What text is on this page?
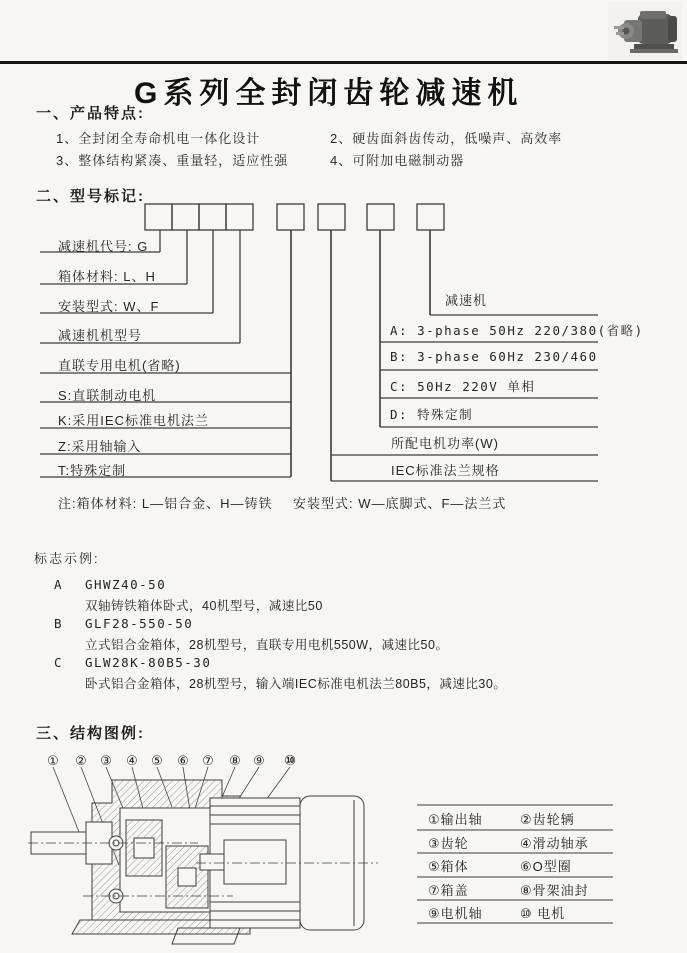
G系列全封闭齿轮减速机
一、产品特点:
1、全封闭全寿命机电一体化设计	2、硬齿面斜齿传动，低噪声、高效率
3、整体结构紧凑、重量轻，适应性强	4、可附加电磁制动器
二、型号标记:
减速机代号: G
箱体材料: L、H
安装型式: W、F
减速机机型号
直联专用电机(省略)
S:直联制动电机
K:采用IEC标准电机法兰
Z:采用轴输入
T:特殊定制
减速机
A: 3-phase 50Hz 220/380(省略)
B: 3-phase 60Hz 230/460
C: 50Hz 220V 单相
D: 特殊定制
所配电机功率(W)
IEC标准法兰规格
注:箱体材料: L—铝合金、H—铸铁 安装型式: W—底脚式、F—法兰式
标志示例:
A GHWZ40-50
双轴铸铁箱体卧式，40机型号，减速比50
B GLF28-550-50
立式铝合金箱体，28机型号，直联专用电机550W，减速比50。
C GLW28K-80B5-30
卧式铝合金箱体，28机型号，输入端IEC标准电机法兰80B5，减速比30。
三、结构图例:
① ② ③ ④ ⑤ ⑥ ⑦ ⑧ ⑨ ⑩
①输出轴	②齿轮辆
③齿轮	④滑动轴承
⑤箱体	⑥O型圈
⑦箱盖	⑧骨架油封
⑨电机轴	⑩ 电机
